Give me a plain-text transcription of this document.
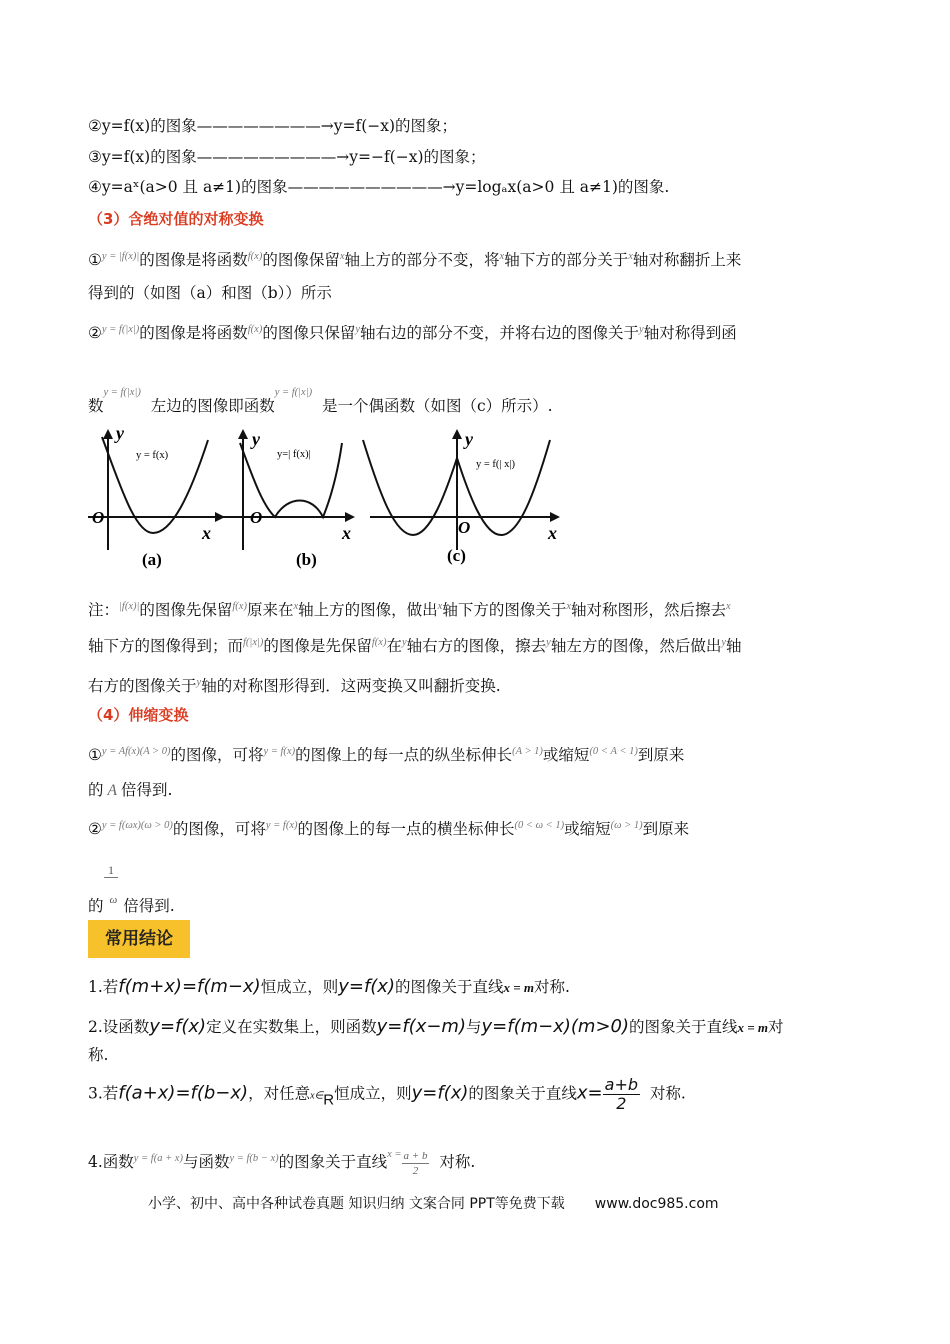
②y=f(x)的图象————————→y=f(−x)的图象；
③y=f(x)的图象—————————→y=−f(−x)的图象；
④y=aˣ(a>0 且 a≠1)的图象——————————→y=logₐx(a>0 且 a≠1)的图象.
（3）含绝对值的对称变换
①$^{y = |f(x)|}$的图像是将函数$^{f(x)}$的图像保留$^x$轴上方的部分不变，将$^x$轴下方的部分关于$^x$轴对称翻折上来
得到的（如图（a）和图（b））所示
②$^{y = f(|x|)}$的图像是将函数$^{f(x)}$的图像只保留$^y$轴右边的部分不变，并将右边的图像关于$^y$轴对称得到函
数$^{y = f(|x|)}$  左边的图像即函数$^{y = f(|x|)}$  是一个偶函数（如图（c）所示）.
y
x
O
y = f(x)
(a)
y
x
O
y=| f(x)|
(b)
y
x
O
y = f(| x|)
(c)
注：$^{|f(x)|}$的图像先保留$^{f(x)}$原来在$^x$轴上方的图像，做出$^x$轴下方的图像关于$^x$轴对称图形，然后擦去$^x$
轴下方的图像得到；而$^{f(|x|)}$的图像是先保留$^{f(x)}$在$^y$轴右方的图像，擦去$^y$轴左方的图像，然后做出$^y$轴
右方的图像关于$^y$轴的对称图形得到．这两变换又叫翻折变换.
（4）伸缩变换
①$^{y = Af(x)(A > 0)}$的图像，可将$^{y = f(x)}$的图像上的每一点的纵坐标伸长$^{(A > 1)}$或缩短$^{(0 < A < 1)}$到原来
的 A 倍得到.
②$^{y = f(\omega x)(\omega > 0)}$的图像，可将$^{y = f(x)}$的图像上的每一点的横坐标伸长$^{(0 < \omega < 1)}$或缩短$^{(\omega > 1)}$到原来
1
的 $^\omega$ 倍得到.
常用结论
1.若f(m+x)=f(m−x)恒成立，则y=f(x)的图像关于直线x = m对称.
2.设函数y=f(x)定义在实数集上，则函数y=f(x−m)与y=f(m−x)(m>0)的图象关于直线x = m对
称.
3.若f(a+x)=f(b−x)，对任意x∈R恒成立，则y=f(x)的图象关于直线$x= \frac{a+b}{2}$ 对称.
4.函数$^{y = f(a + x)}$与函数$^{y = f(b - x)}$的图象关于直线$^{x =} \frac{a + b}{2}$ 对称.
小学、初中、高中各种试卷真题 知识归纳 文案合同 PPT等免费下载 www.doc985.com
